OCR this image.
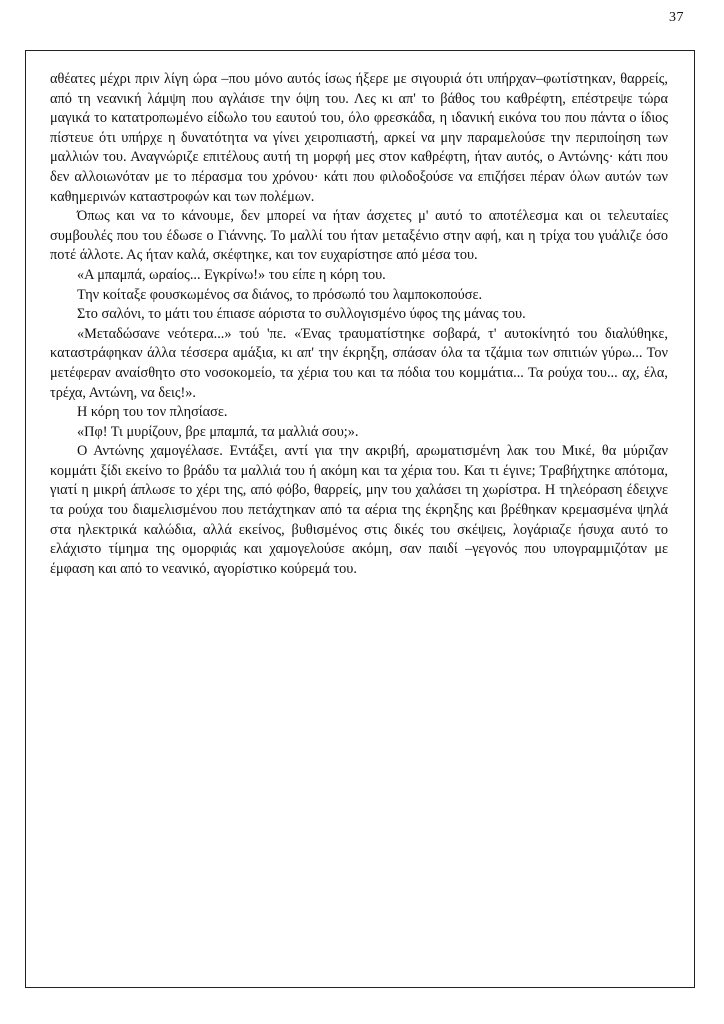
37

αθέατες μέχρι πριν λίγη ώρα –που μόνο αυτός ίσως ήξερε με σιγουριά ότι υπήρχαν–φωτίστηκαν, θαρρείς, από τη νεανική λάμψη που αγλάισε την όψη του. Λες κι απ' το βάθος του καθρέφτη, επέστρεψε τώρα μαγικά το κατατροπωμένο είδωλο του εαυτού του, όλο φρεσκάδα, η ιδανική εικόνα του που πάντα ο ίδιος πίστευε ότι υπήρχε η δυνατότητα να γίνει χειροπιαστή, αρκεί να μην παραμελούσε την περιποίηση των μαλλιών του. Αναγνώριζε επιτέλους αυτή τη μορφή μες στον καθρέφτη, ήταν αυτός, ο Αντώνης· κάτι που δεν αλλοιωνόταν με το πέρασμα του χρόνου· κάτι που φιλοδοξούσε να επιζήσει πέραν όλων αυτών των καθημερινών καταστροφών και των πολέμων.

Όπως και να το κάνουμε, δεν μπορεί να ήταν άσχετες μ' αυτό το αποτέλεσμα και οι τελευταίες συμβουλές που του έδωσε ο Γιάννης. Το μαλλί του ήταν μεταξένιο στην αφή, και η τρίχα του γυάλιζε όσο ποτέ άλλοτε. Ας ήταν καλά, σκέφτηκε, και τον ευχαρίστησε από μέσα του.

«Α μπαμπά, ωραίος... Εγκρίνω!» του είπε η κόρη του.

Την κοίταξε φουσκωμένος σα διάνος, το πρόσωπό του λαμποκοπούσε.

Στο σαλόνι, το μάτι του έπιασε αόριστα το συλλογισμένο ύφος της μάνας του.

«Μεταδώσανε νεότερα...» τού 'πε. «Ένας τραυματίστηκε σοβαρά, τ' αυτοκίνητό του διαλύθηκε, καταστράφηκαν άλλα τέσσερα αμάξια, κι απ' την έκρηξη, σπάσαν όλα τα τζάμια των σπιτιών γύρω... Τον μετέφεραν αναίσθητο στο νοσοκομείο, τα χέρια του και τα πόδια του κομμάτια... Τα ρούχα του... αχ, έλα, τρέχα, Αντώνη, να δεις!».

Η κόρη του τον πλησίασε.

«Πφ! Τι μυρίζουν, βρε μπαμπά, τα μαλλιά σου;».

Ο Αντώνης χαμογέλασε. Εντάξει, αντί για την ακριβή, αρωματισμένη λακ του Μικέ, θα μύριζαν κομμάτι ξίδι εκείνο το βράδυ τα μαλλιά του ή ακόμη και τα χέρια του. Και τι έγινε; Τραβήχτηκε απότομα, γιατί η μικρή άπλωσε το χέρι της, από φόβο, θαρρείς, μην του χαλάσει τη χωρίστρα. Η τηλεόραση έδειχνε τα ρούχα του διαμελισμένου που πετάχτηκαν από τα αέρια της έκρηξης και βρέθηκαν κρεμασμένα ψηλά στα ηλεκτρικά καλώδια, αλλά εκείνος, βυθισμένος στις δικές του σκέψεις, λογάριαζε ήσυχα αυτό το ελάχιστο τίμημα της ομορφιάς και χαμογελούσε ακόμη, σαν παιδί –γεγονός που υπογραμμιζόταν με έμφαση και από το νεανικό, αγορίστικο κούρεμά του.
